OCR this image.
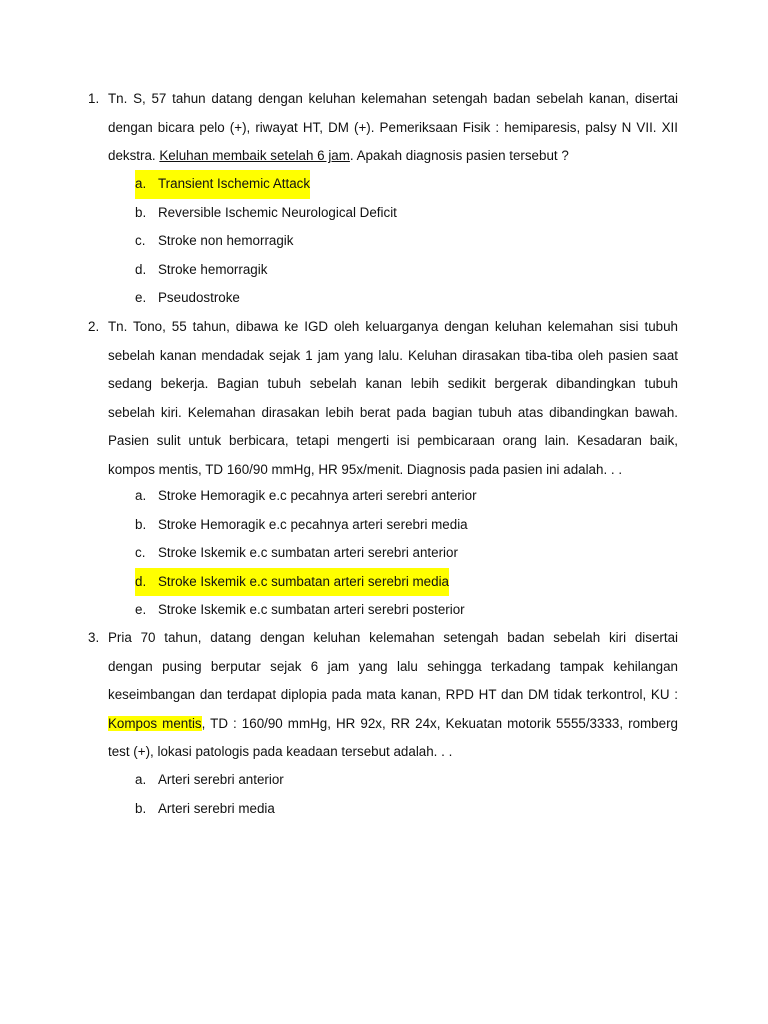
1. Tn. S, 57 tahun datang dengan keluhan kelemahan setengah badan sebelah kanan, disertai
dengan bicara pelo (+), riwayat HT, DM (+). Pemeriksaan Fisik : hemiparesis, palsy N VII. XII
dekstra. Keluhan membaik setelah 6 jam. Apakah diagnosis pasien tersebut ?
a. Transient Ischemic Attack
b. Reversible Ischemic Neurological Deficit
c. Stroke non hemorragik
d. Stroke hemorragik
e. Pseudostroke
2. Tn. Tono, 55 tahun, dibawa ke IGD oleh keluarganya dengan keluhan kelemahan sisi tubuh
sebelah kanan mendadak sejak 1 jam yang lalu. Keluhan dirasakan tiba-tiba oleh pasien saat
sedang bekerja. Bagian tubuh sebelah kanan lebih sedikit bergerak dibandingkan tubuh
sebelah kiri. Kelemahan dirasakan lebih berat pada bagian tubuh atas dibandingkan bawah.
Pasien sulit untuk berbicara, tetapi mengerti isi pembicaraan orang lain. Kesadaran baik,
kompos mentis, TD 160/90 mmHg, HR 95x/menit. Diagnosis pada pasien ini adalah. . .
a. Stroke Hemoragik e.c pecahnya arteri serebri anterior
b. Stroke Hemoragik e.c pecahnya arteri serebri media
c. Stroke Iskemik e.c sumbatan arteri serebri anterior
d. Stroke Iskemik e.c sumbatan arteri serebri media
e. Stroke Iskemik e.c sumbatan arteri serebri posterior
3. Pria 70 tahun, datang dengan keluhan kelemahan setengah badan sebelah kiri disertai
dengan pusing berputar sejak 6 jam yang lalu sehingga terkadang tampak kehilangan
keseimbangan dan terdapat diplopia pada mata kanan, RPD HT dan DM tidak terkontrol, KU :
Kompos mentis, TD : 160/90 mmHg, HR 92x, RR 24x, Kekuatan motorik 5555/3333, romberg
test (+), lokasi patologis pada keadaan tersebut adalah. . .
a. Arteri serebri anterior
b. Arteri serebri media
